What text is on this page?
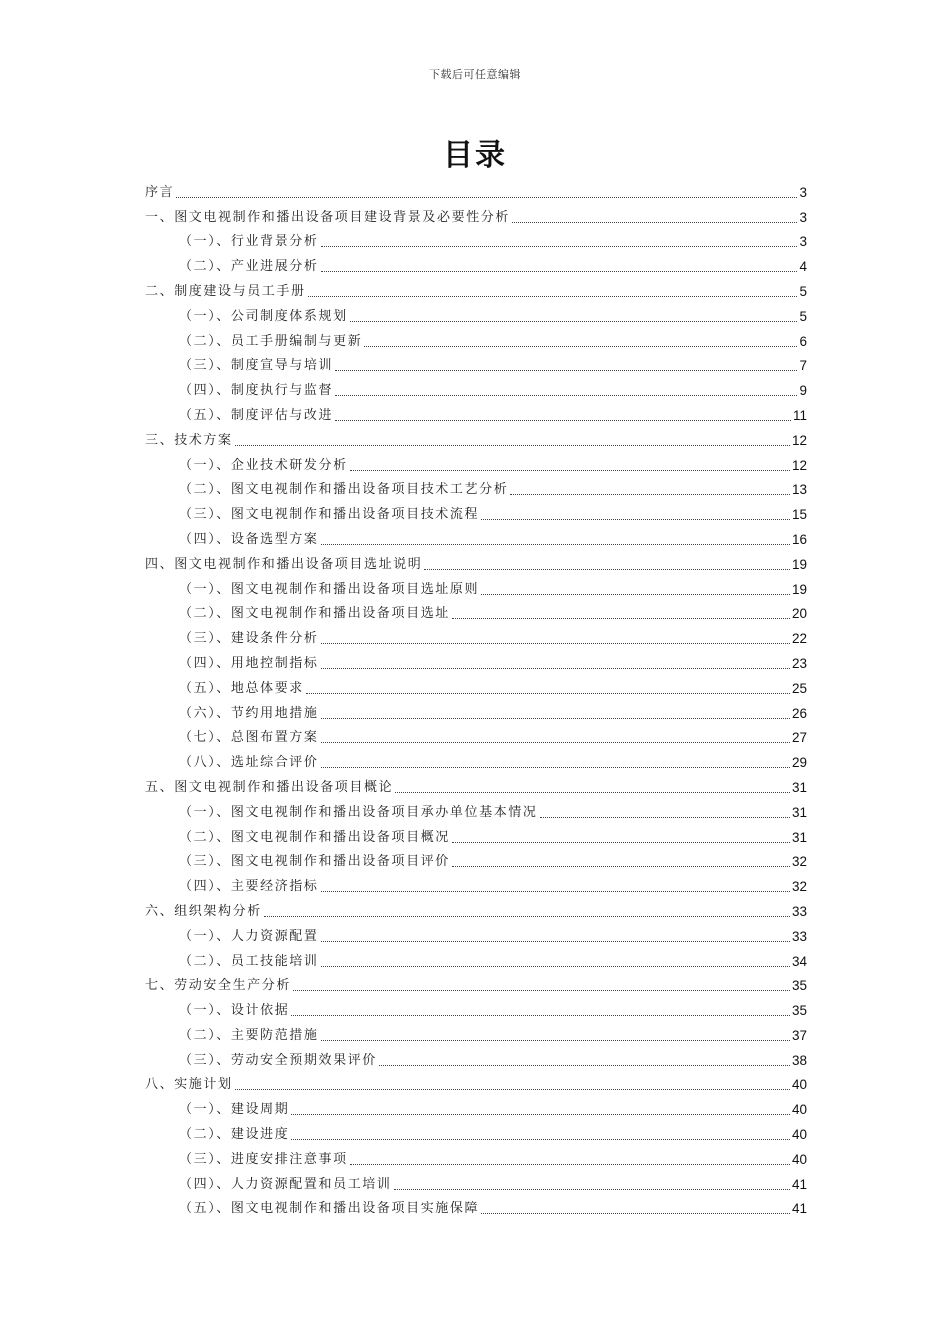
下载后可任意编辑
目录
序言	3
一、图文电视制作和播出设备项目建设背景及必要性分析	3
（一）、行业背景分析	3
（二）、产业进展分析	4
二、制度建设与员工手册	5
（一）、公司制度体系规划	5
（二）、员工手册编制与更新	6
（三）、制度宣导与培训	7
（四）、制度执行与监督	9
（五）、制度评估与改进	11
三、技术方案	12
（一）、企业技术研发分析	12
（二）、图文电视制作和播出设备项目技术工艺分析	13
（三）、图文电视制作和播出设备项目技术流程	15
（四）、设备选型方案	16
四、图文电视制作和播出设备项目选址说明	19
（一）、图文电视制作和播出设备项目选址原则	19
（二）、图文电视制作和播出设备项目选址	20
（三）、建设条件分析	22
（四）、用地控制指标	23
（五）、地总体要求	25
（六）、节约用地措施	26
（七）、总图布置方案	27
（八）、选址综合评价	29
五、图文电视制作和播出设备项目概论	31
（一）、图文电视制作和播出设备项目承办单位基本情况	31
（二）、图文电视制作和播出设备项目概况	31
（三）、图文电视制作和播出设备项目评价	32
（四）、主要经济指标	32
六、组织架构分析	33
（一）、人力资源配置	33
（二）、员工技能培训	34
七、劳动安全生产分析	35
（一）、设计依据	35
（二）、主要防范措施	37
（三）、劳动安全预期效果评价	38
八、实施计划	40
（一）、建设周期	40
（二）、建设进度	40
（三）、进度安排注意事项	40
（四）、人力资源配置和员工培训	41
（五）、图文电视制作和播出设备项目实施保障	41
